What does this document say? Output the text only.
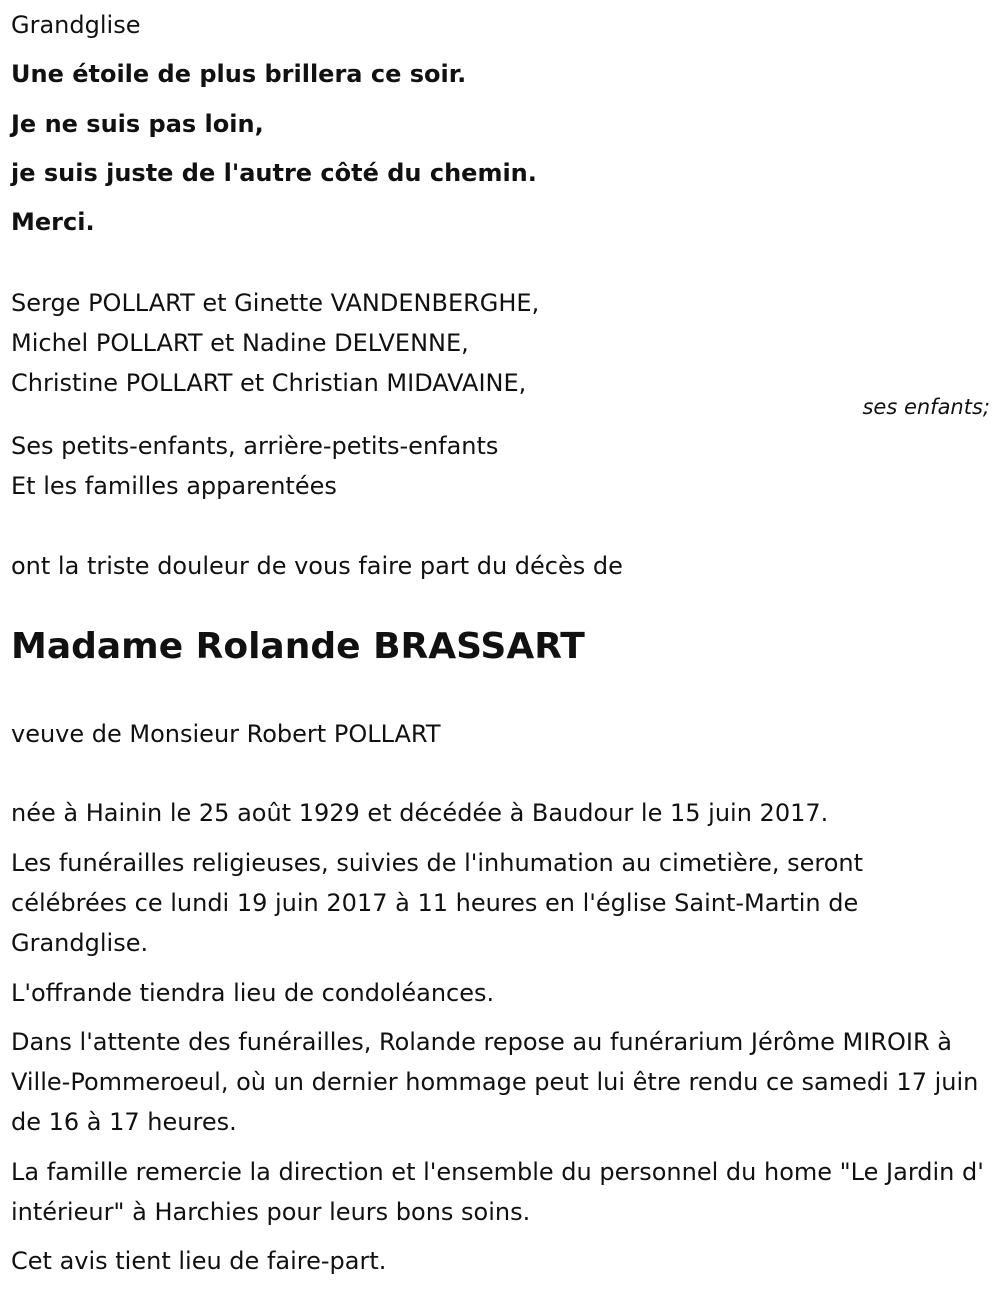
Grandglise
Une étoile de plus brillera ce soir.
Je ne suis pas loin,
je suis juste de l'autre côté du chemin.
Merci.
Serge POLLART et Ginette VANDENBERGHE,
Michel POLLART et Nadine DELVENNE,
Christine POLLART et Christian MIDAVAINE,
ses enfants;
Ses petits-enfants, arrière-petits-enfants
Et les familles apparentées
ont la triste douleur de vous faire part du décès de
Madame Rolande BRASSART
veuve de Monsieur Robert POLLART
née à Hainin le 25 août 1929 et décédée à Baudour le 15 juin 2017.
Les funérailles religieuses, suivies de l'inhumation au cimetière, seront célébrées ce lundi 19 juin 2017 à 11 heures en l'église Saint-Martin de Grandglise.
L'offrande tiendra lieu de condoléances.
Dans l'attente des funérailles, Rolande repose au funérarium Jérôme MIROIR à Ville-Pommeroeul, où un dernier hommage peut lui être rendu ce samedi 17 juin de 16 à 17 heures.
La famille remercie la direction et l'ensemble du personnel du home "Le Jardin d' intérieur" à Harchies pour leurs bons soins.
Cet avis tient lieu de faire-part.
